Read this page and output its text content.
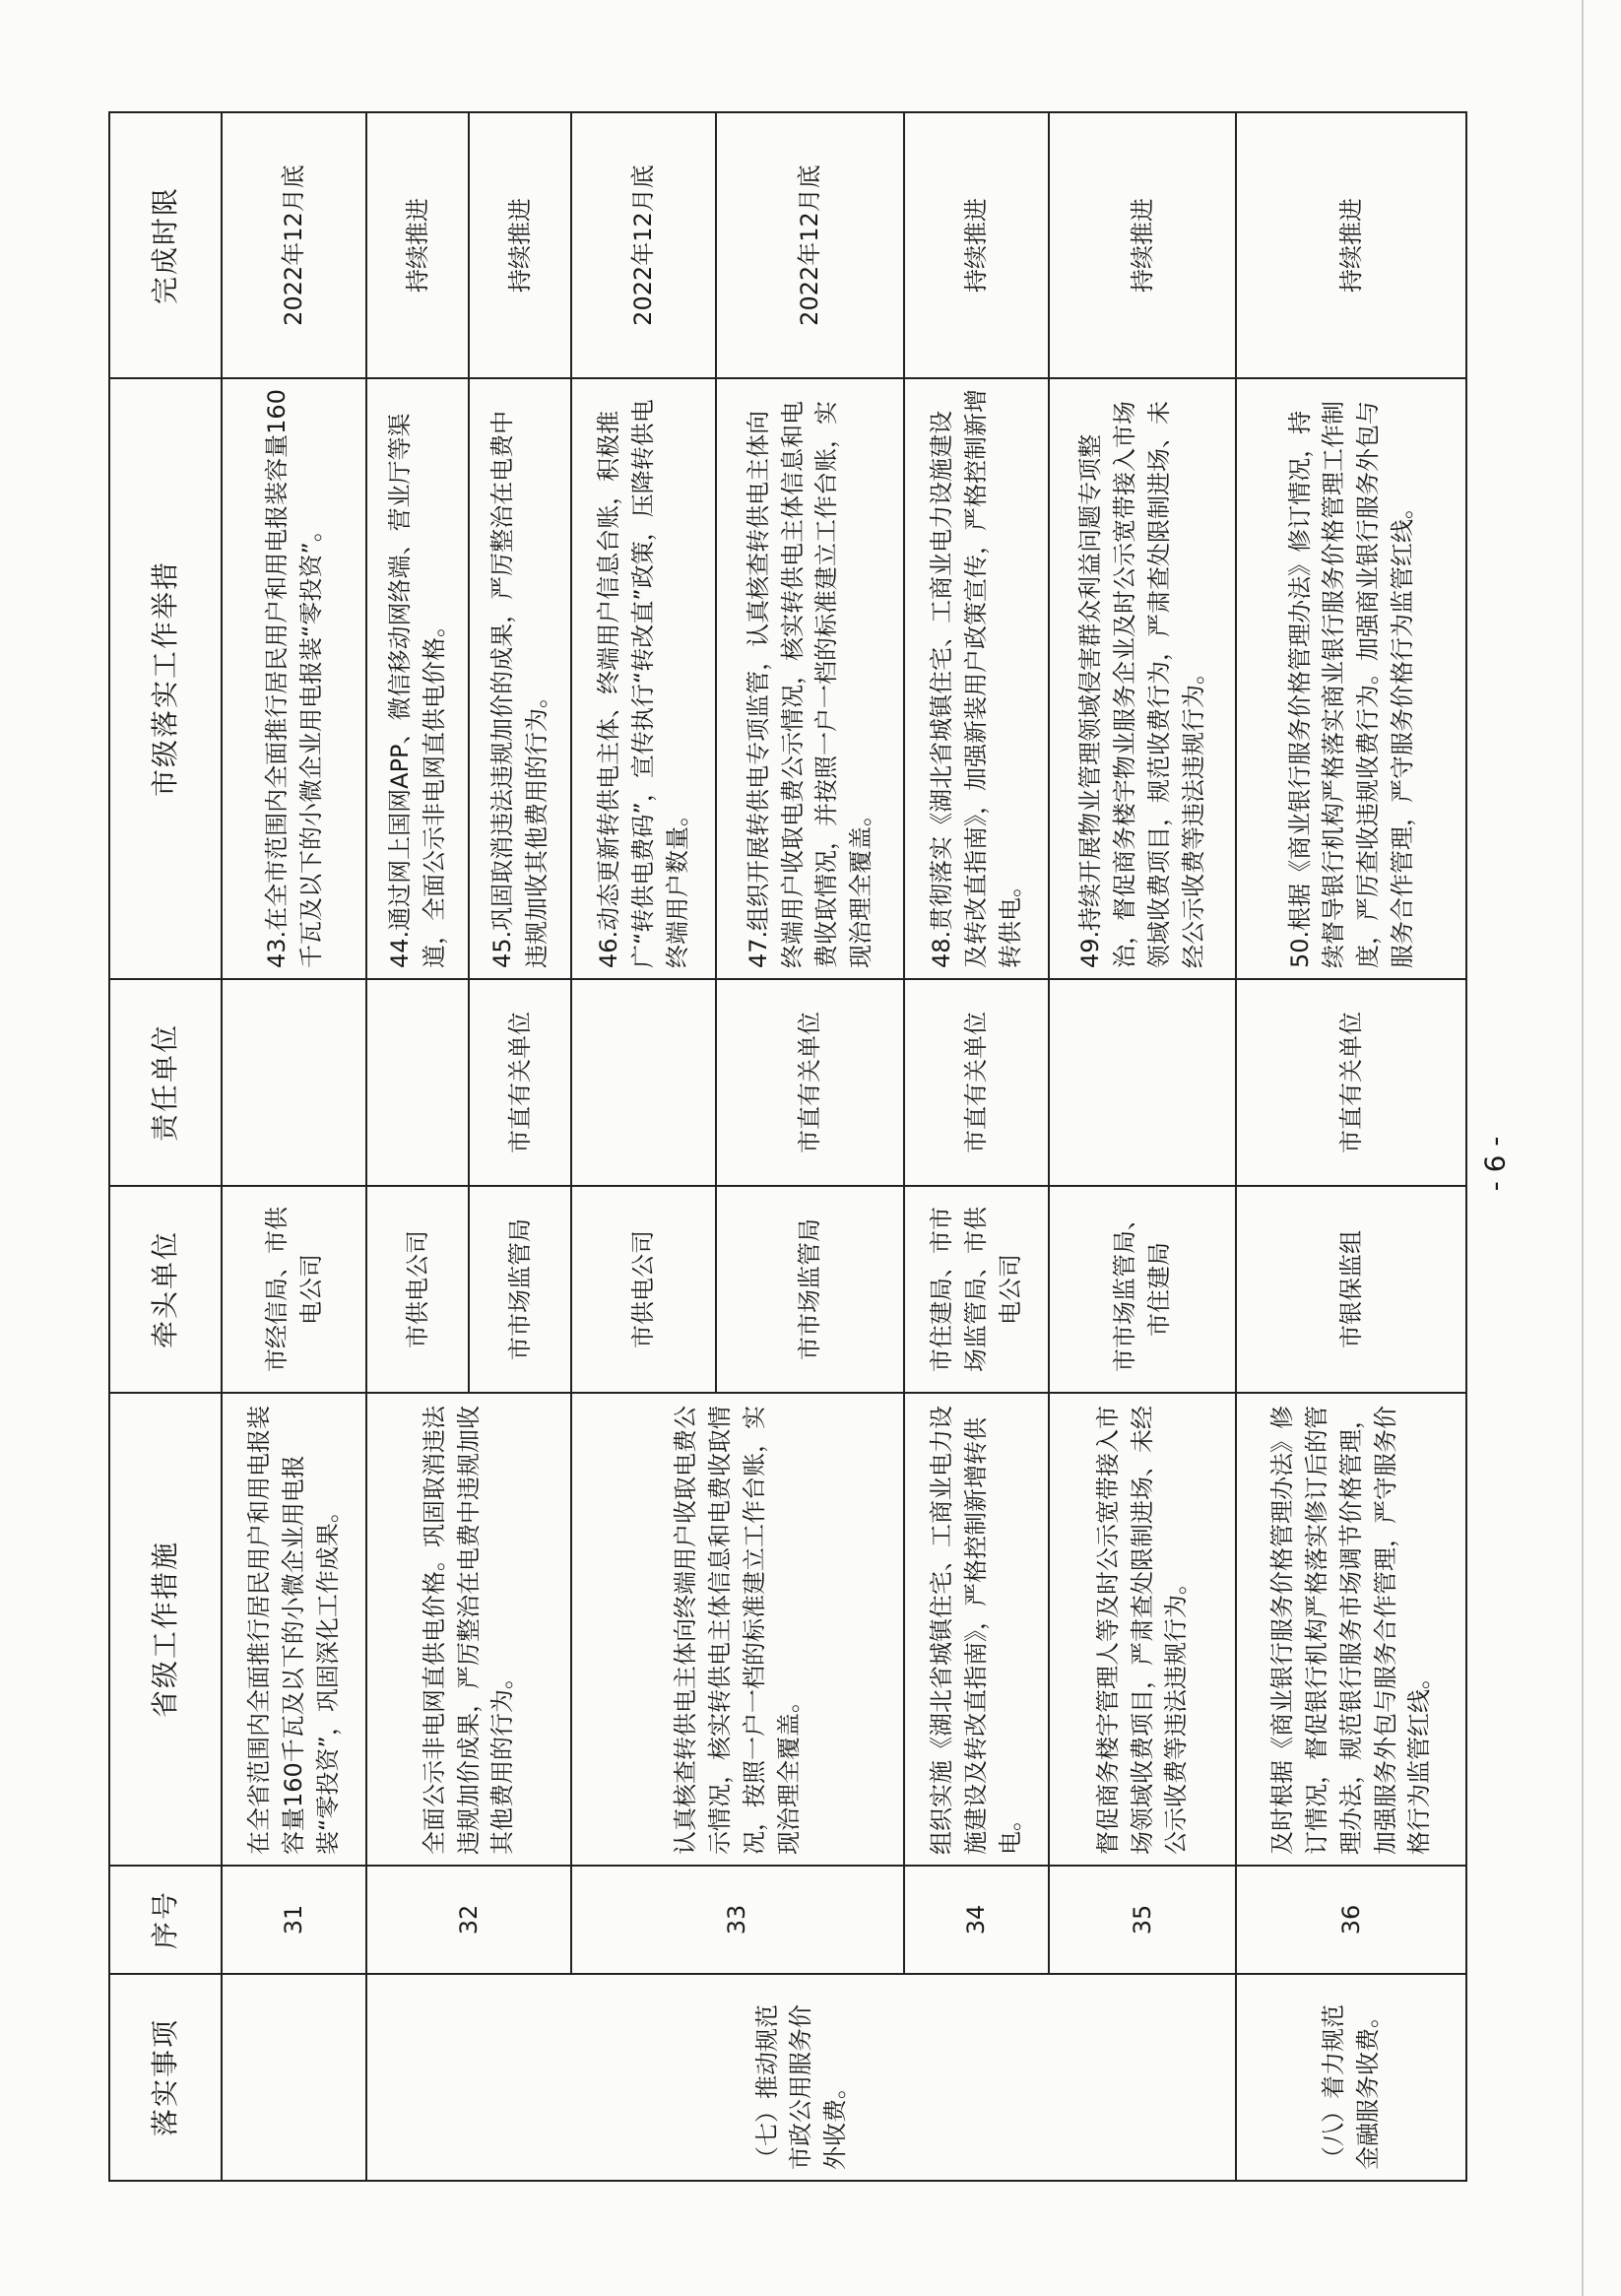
落实事项	序号	省级工作措施	牵头单位	责任单位	市级落实工作举措	完成时限
	31	在全省范围内全面推行居民用户和用电报装容量160千瓦及以下的小微企业用电报装“零投资”，巩固深化工作成果。	市经信局、市供电公司		43.在全市范围内全面推行居民用户和用电报装容量160千瓦及以下的小微企业用电报装“零投资”。	2022年12月底
（七）推动规范市政公用服务价外收费。	32	全面公示非电网直供电价格。巩固取消违法违规加价成果，严厉整治在电费中违规加收其他费用的行为。	市供电公司		44.通过网上国网APP、微信移动网络端、营业厅等渠道，全面公示非电网直供电价格。	持续推进
			市市场监管局	市直有关单位	45.巩固取消违法违规加价的成果，严厉整治在电费中违规加收其他费用的行为。	持续推进
	33	认真核查转供电主体向终端用户收取电费公示情况，核实转供电主体信息和电费收取情况，按照一户一档的标准建立工作台账，实现治理全覆盖。	市供电公司		46.动态更新转供电主体、终端用户信息台账，积极推广“转供电费码”，宣传执行“转改直”政策，压降转供电终端用户数量。	2022年12月底
			市市场监管局	市直有关单位	47.组织开展转供电专项监管，认真核查转供电主体向终端用户收取电费公示情况，核实转供电主体信息和电费收取情况，并按照一户一档的标准建立工作台账，实现治理全覆盖。	2022年12月底
	34	组织实施《湖北省城镇住宅、工商业电力设施建设及转改直指南》，严格控制新增转供电。	市住建局、市市场监管局、市供电公司	市直有关单位	48.贯彻落实《湖北省城镇住宅、工商业电力设施建设及转改直指南》，加强新装用户政策宣传，严格控制新增转供电。	持续推进
	35	督促商务楼宇管理人等及时公示宽带接入市场领域收费项目，严肃查处限制进场、未经公示收费等违法违规行为。	市市场监管局、市住建局		49.持续开展物业管理领域侵害群众利益问题专项整治，督促商务楼宇物业服务企业及时公示宽带接入市场领域收费项目，规范收费行为，严肃查处限制进场、未经公示收费等违法违规行为。	持续推进
（八）着力规范金融服务收费。	36	及时根据《商业银行服务价格管理办法》修订情况，督促银行机构严格落实修订后的管理办法，规范银行服务市场调节价格管理，加强服务外包与服务合作管理，严守服务价格行为监管红线。	市银保监组	市直有关单位	50.根据《商业银行服务价格管理办法》修订情况，持续督导银行机构严格落实商业银行服务价格管理工作制度，严厉查收违规收费行为。加强商业银行服务外包与服务合作管理，严守服务价格行为监管红线。	持续推进
- 6 -
